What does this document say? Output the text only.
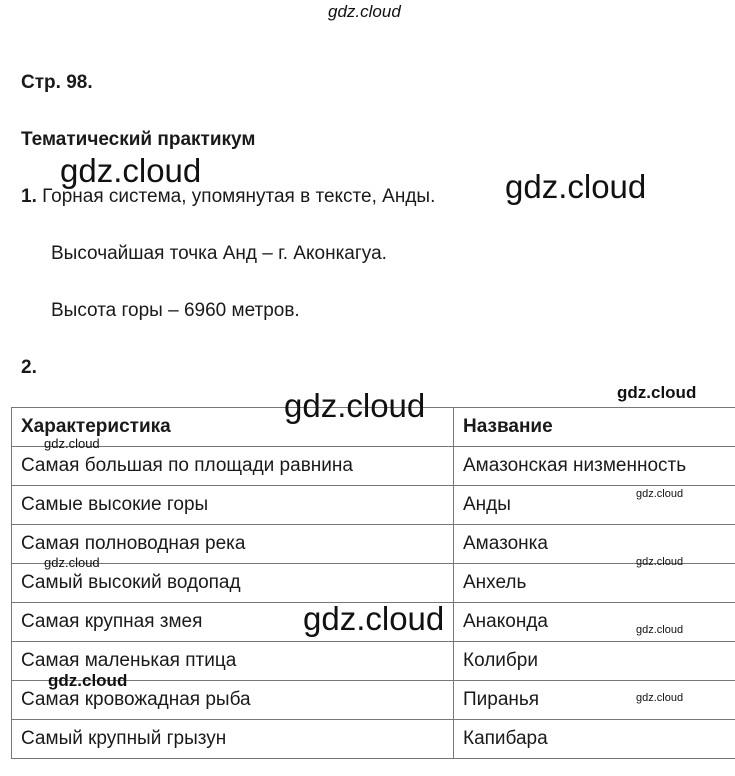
gdz.cloud
Стр. 98.
Тематический практикум
1. Горная система, упомянутая в тексте, Анды.
Высочайшая точка Анд – г. Аконкагуа.
Высота горы – 6960 метров.
2.
Характеристика	Название
Самая большая по площади равнина	Амазонская низменность
Самые высокие горы	Анды
Самая полноводная река	Амазонка
Самый высокий водопад	Анхель
Самая крупная змея	Анаконда
Самая маленькая птица	Колибри
Самая кровожадная рыба	Пиранья
Самый крупный грызун	Капибара
gdz.cloud	gdz.cloud
gdz.cloud	gdz.cloud
gdz.cloud
gdz.cloud
gdz.cloud	gdz.cloud
gdz.cloud	gdz.cloud
gdz.cloud
gdz.cloud
